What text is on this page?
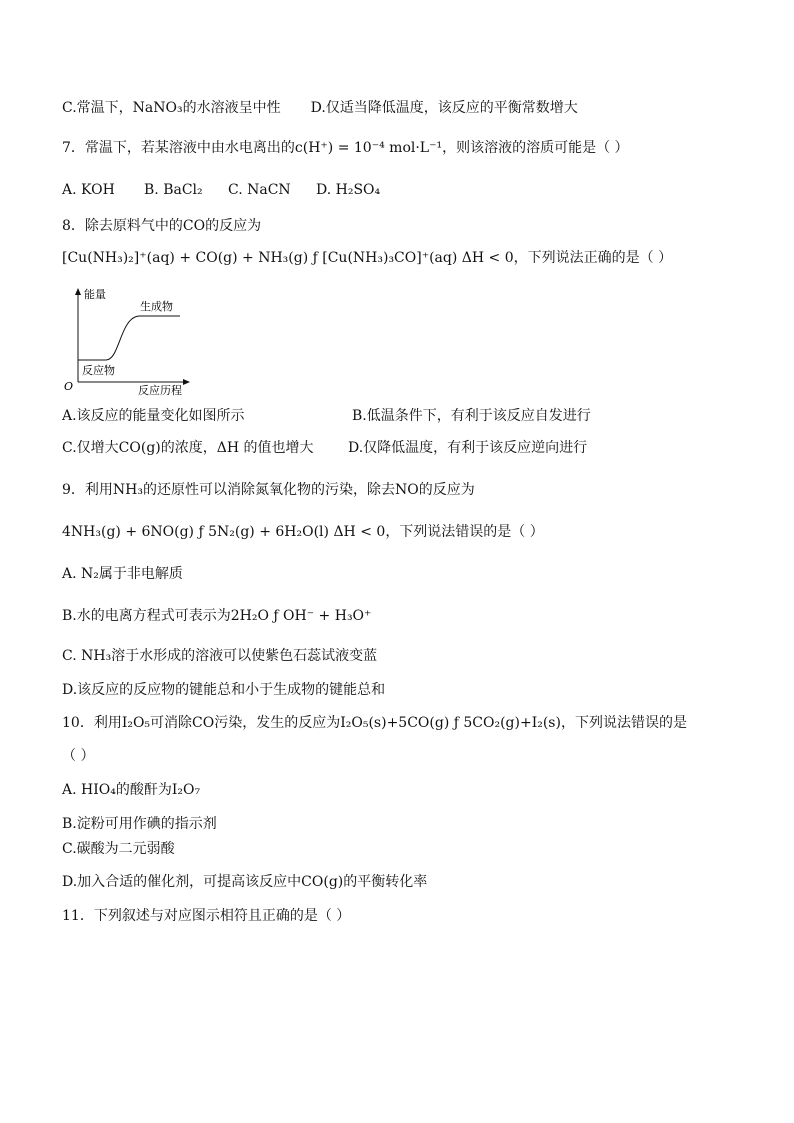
C.常温下，NaNO₃的水溶液呈中性 D.仅适当降低温度，该反应的平衡常数增大
7．常温下，若某溶液中由水电离出的c(H⁺) = 10⁻⁴ mol·L⁻¹，则该溶液的溶质可能是（ ）
A. KOH B. BaCl₂ C. NaCN D. H₂SO₄
8．除去原料气中的CO的反应为
[Cu(NH₃)₂]⁺(aq) + CO(g) + NH₃(g) ƒ [Cu(NH₃)₃CO]⁺(aq) ΔH < 0，下列说法正确的是（ ）
能量
生成物
反应物
O	反应历程
A.该反应的能量变化如图所示	B.低温条件下，有利于该反应自发进行
C.仅增大CO(g)的浓度，ΔH 的值也增大 D.仅降低温度，有利于该反应逆向进行
9．利用NH₃的还原性可以消除氮氧化物的污染，除去NO的反应为
4NH₃(g) + 6NO(g) ƒ 5N₂(g) + 6H₂O(l) ΔH < 0，下列说法错误的是（ ）
A. N₂属于非电解质
B.水的电离方程式可表示为2H₂O ƒ OH⁻ + H₃O⁺
C. NH₃溶于水形成的溶液可以使紫色石蕊试液变蓝
D.该反应的反应物的键能总和小于生成物的键能总和
10．利用I₂O₅可消除CO污染，发生的反应为I₂O₅(s)+5CO(g) ƒ 5CO₂(g)+I₂(s)，下列说法错误的是
（ ）
A. HIO₄的酸酐为I₂O₇
B.淀粉可用作碘的指示剂
C.碳酸为二元弱酸
D.加入合适的催化剂，可提高该反应中CO(g)的平衡转化率
11．下列叙述与对应图示相符且正确的是（ ）
